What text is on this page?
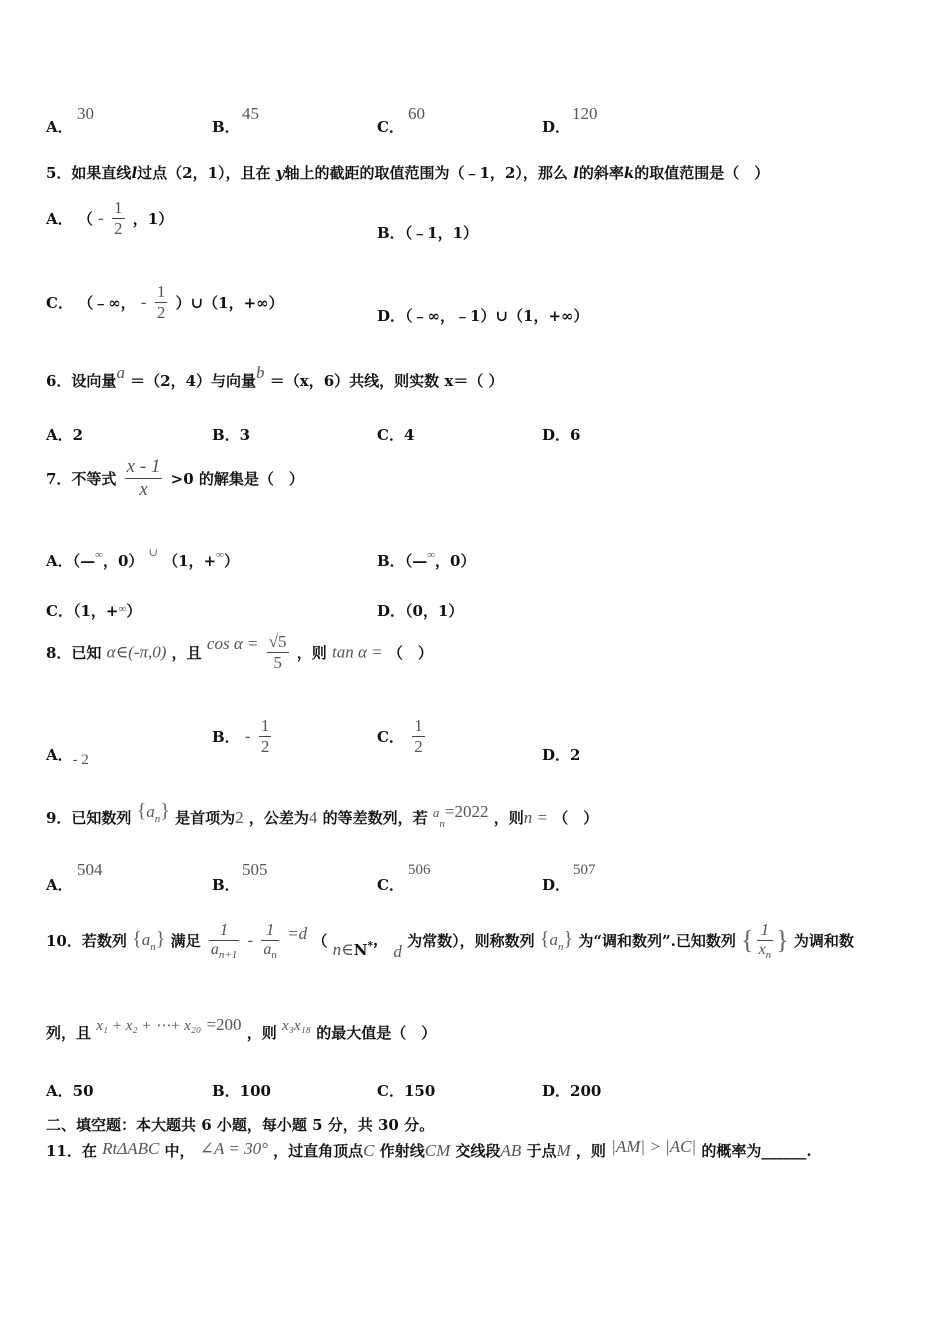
A．
30
B．
45
C．
60
D．
120
5．如果直线l过点（2，1），且在 y轴上的截距的取值范围为（﹣1，2），那么 l的斜率k的取值范围是（　）
A． （ - $\frac{1}{2}$ ，1）
B．（﹣1，1）
C． （﹣∞， - $\frac{1}{2}$ ）∪（1，+∞）
D．（﹣∞，﹣1）∪（1，+∞）
6．设向量a ＝（2，4）与向量b ＝（x，6）共线，则实数 x＝（ ）
A．2	B．3	C．4	D．6
7．不等式 $\frac{x - 1}{x} >0$ 的解集是（　）
A．（—∞，0） ∪ （1，+∞）	B．（—∞，0）
C．（1，+∞）	D．（0，1）
8．已知 α∈(-π,0) ，且 $\cos \alpha = \frac{√5}{5}$ ，则 tan α = （　）
A．- 2
B． - $\frac{1}{2}$	C． $\frac{1}{2}$	D．2
9．已知数列 $\{a_n\}$ 是首项为2 ，公差为4 的等差数列，若 $a_n=2022$ ，则n = （　）
A．
504
B．
505
C．
506
D．
507
10．若数列 $\{a_n\}$ 满足 $\frac{1}{a_{n+1}} - \frac{1}{a_n} =d$ （ n∈N*， d 为常数），则称数列 $\{a_n\}$ 为“调和数列”.已知数列 { $\frac{1}{x_n}$ } 为调和数
列，且 x₁ + x₂ + ⋯+ x₂₀ =200 ，则 x₃x₁₈ 的最大值是（　）
A．50	B．100	C．150	D．200
二、填空题：本大题共 6 小题，每小题 5 分，共 30 分。
11．在 RtΔABC 中， ∠A = 30° ，过直角顶点C 作射线CM 交线段AB 于点M ，则 |AM| > |AC| 的概率为______.
